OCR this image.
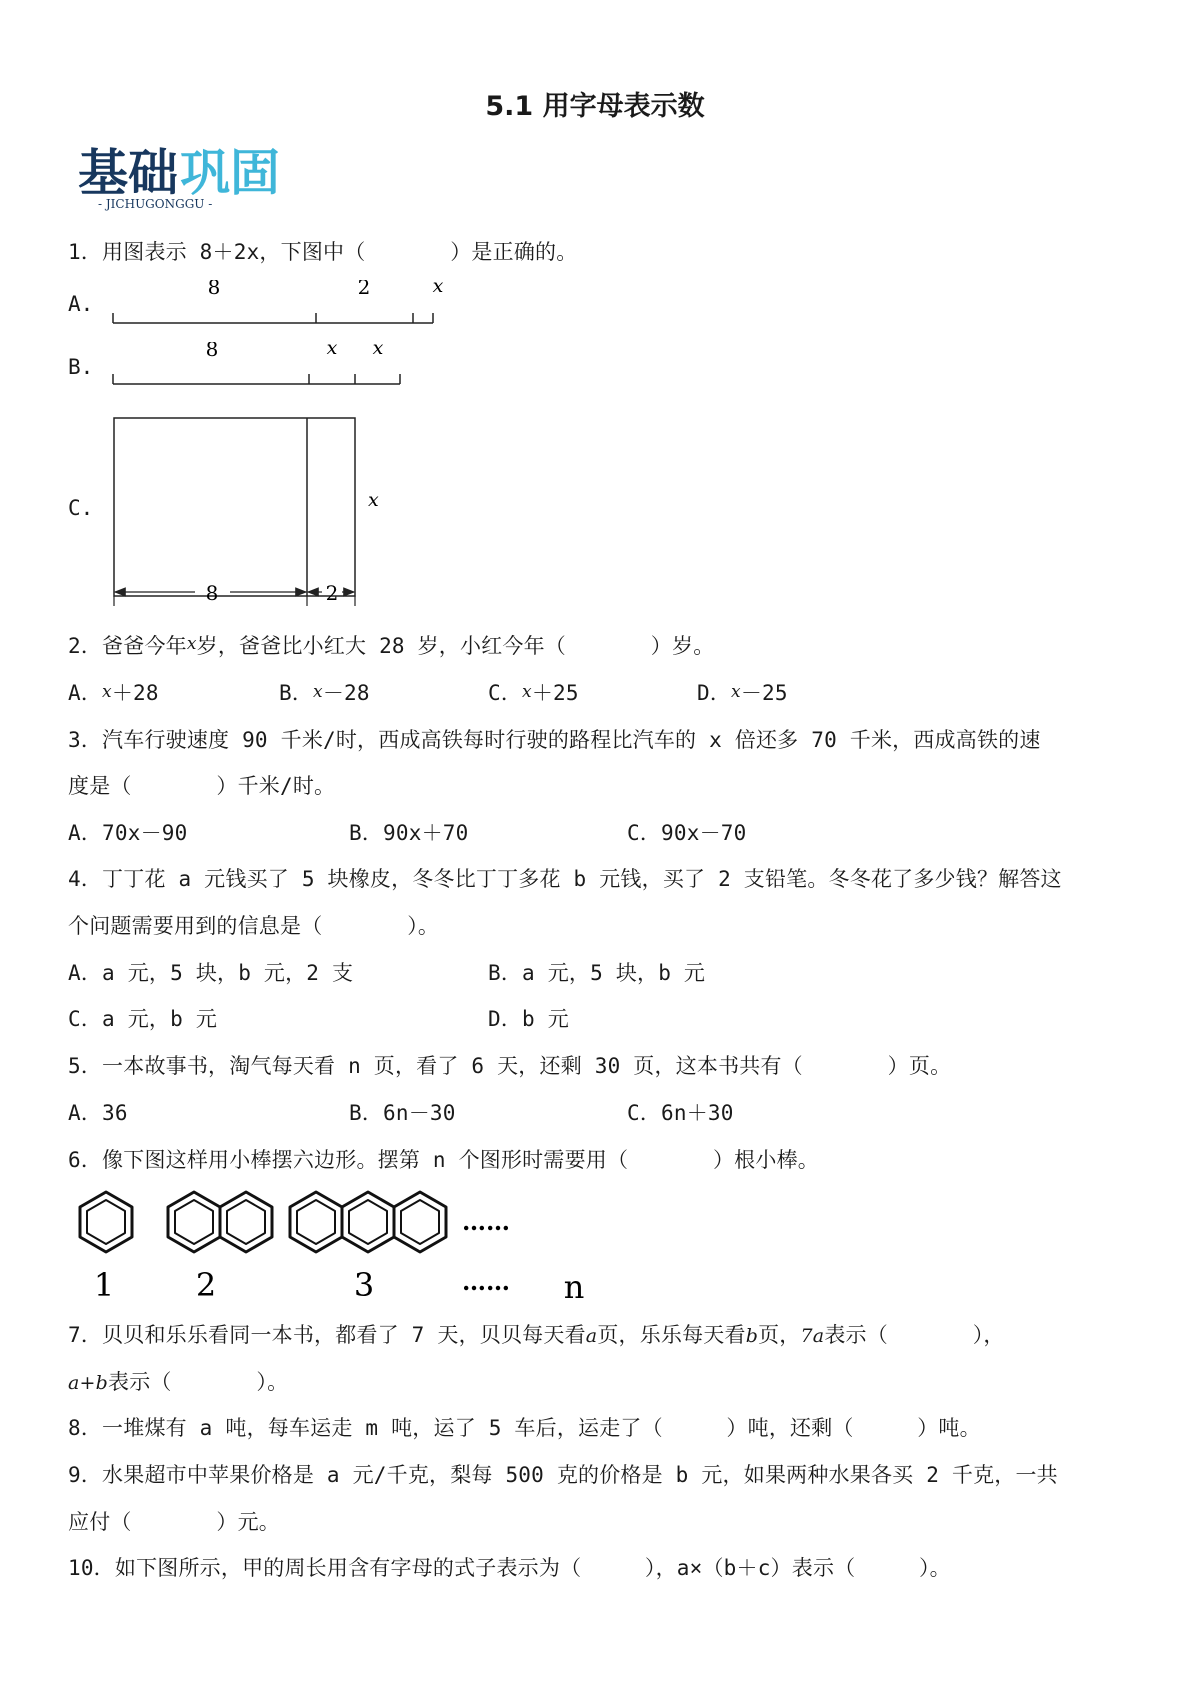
5.1 用字母表示数
基础 巩固
- JICHUGONGGU -
1．用图表示 8＋2x，下图中（　　　　）是正确的。
A.
8	2	x
B.
8	x x
C.	x
8	2
2．爸爸今年x岁，爸爸比小红大 28 岁，小红今年（　　　　）岁。
A．x＋28	B．x－28	C．x＋25	D．x－25
3．汽车行驶速度 90 千米/时，西成高铁每时行驶的路程比汽车的 x 倍还多 70 千米，西成高铁的速
度是（　　　　）千米/时。
A．70x－90	B．90x＋70	C．90x－70
4．丁丁花 a 元钱买了 5 块橡皮，冬冬比丁丁多花 b 元钱，买了 2 支铅笔。冬冬花了多少钱？解答这
个问题需要用到的信息是（　　　　）。
A．a 元，5 块，b 元，2 支	B．a 元，5 块，b 元
C．a 元，b 元	D．b 元
5．一本故事书，淘气每天看 n 页，看了 6 天，还剩 30 页，这本书共有（　　　　）页。
A．36	B．6n－30	C．6n＋30
6．像下图这样用小棒摆六边形。摆第 n 个图形时需要用（　　　　）根小棒。
……
1	2	3	…… n
7．贝贝和乐乐看同一本书，都看了 7 天，贝贝每天看a页，乐乐每天看b页，7a表示（　　　　），
a+b表示（　　　　）。
8．一堆煤有 a 吨，每车运走 m 吨，运了 5 车后，运走了（　　　）吨，还剩（　　　）吨。
9．水果超市中苹果价格是 a 元/千克，梨每 500 克的价格是 b 元，如果两种水果各买 2 千克，一共
应付（　　　　）元。
10．如下图所示，甲的周长用含有字母的式子表示为（　　　），a×（b＋c）表示（　　　）。
